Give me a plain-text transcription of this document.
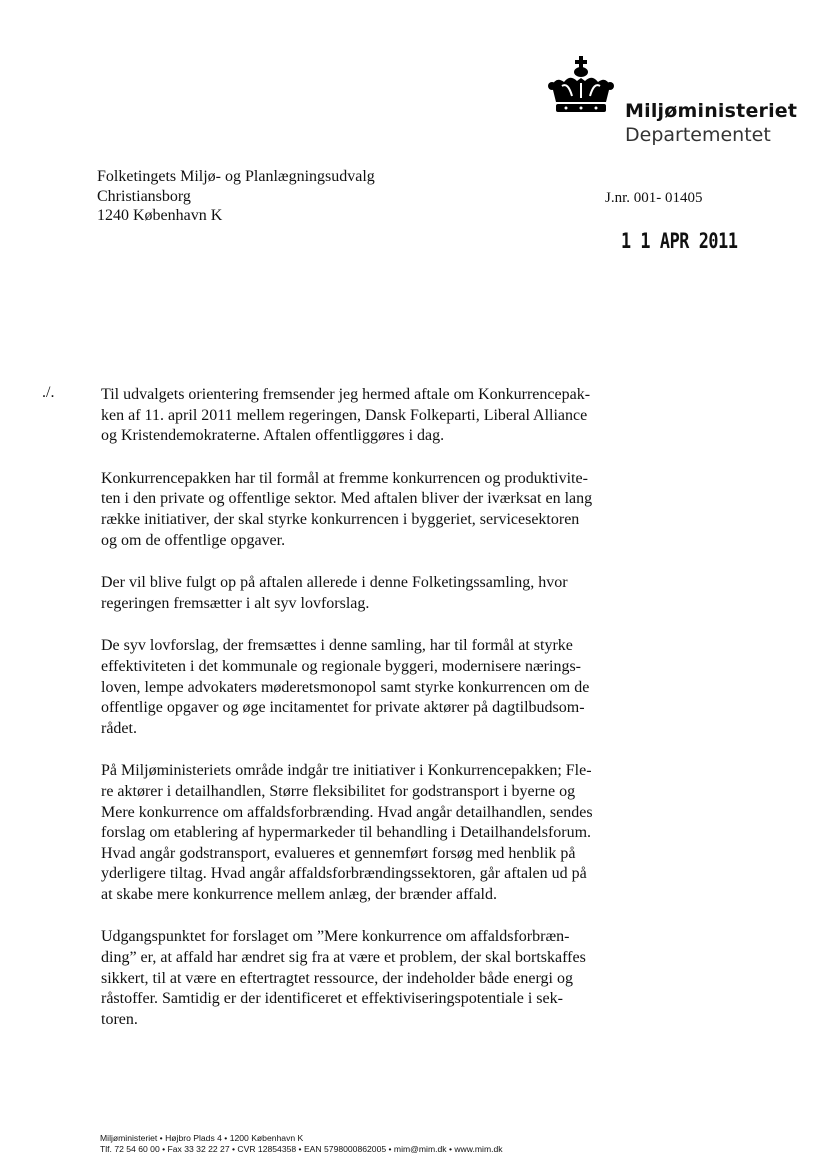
Miljøministeriet
Departementet
Folketingets Miljø- og Planlægningsudvalg
Christiansborg
1240 København K
J.nr. 001- 01405
1 1 APR 2011
./.	Til udvalgets orientering fremsender jeg hermed aftale om Konkurrencepak-
ken af 11. april 2011 mellem regeringen, Dansk Folkeparti, Liberal Alliance
og Kristendemokraterne. Aftalen offentliggøres i dag.

Konkurrencepakken har til formål at fremme konkurrencen og produktivite-
ten i den private og offentlige sektor. Med aftalen bliver der iværksat en lang
række initiativer, der skal styrke konkurrencen i byggeriet, servicesektoren
og om de offentlige opgaver.

Der vil blive fulgt op på aftalen allerede i denne Folketingssamling, hvor
regeringen fremsætter i alt syv lovforslag.

De syv lovforslag, der fremsættes i denne samling, har til formål at styrke
effektiviteten i det kommunale og regionale byggeri, modernisere nærings-
loven, lempe advokaters møderetsmonopol samt styrke konkurrencen om de
offentlige opgaver og øge incitamentet for private aktører på dagtilbudsom-
rådet.

På Miljøministeriets område indgår tre initiativer i Konkurrencepakken; Fle-
re aktører i detailhandlen, Større fleksibilitet for godstransport i byerne og
Mere konkurrence om affaldsforbrænding. Hvad angår detailhandlen, sendes
forslag om etablering af hypermarkeder til behandling i Detailhandelsforum.
Hvad angår godstransport, evalueres et gennemført forsøg med henblik på
yderligere tiltag. Hvad angår affaldsforbrændingssektoren, går aftalen ud på
at skabe mere konkurrence mellem anlæg, der brænder affald.

Udgangspunktet for forslaget om ”Mere konkurrence om affaldsforbræn-
ding” er, at affald har ændret sig fra at være et problem, der skal bortskaffes
sikkert, til at være en eftertragtet ressource, der indeholder både energi og
råstoffer. Samtidig er der identificeret et effektiviseringspotentiale i sek-
toren.

Miljøministeriet • Højbro Plads 4 • 1200 København K
Tlf. 72 54 60 00 • Fax 33 32 22 27 • CVR 12854358 • EAN 5798000862005 • mim@mim.dk • www.mim.dk
